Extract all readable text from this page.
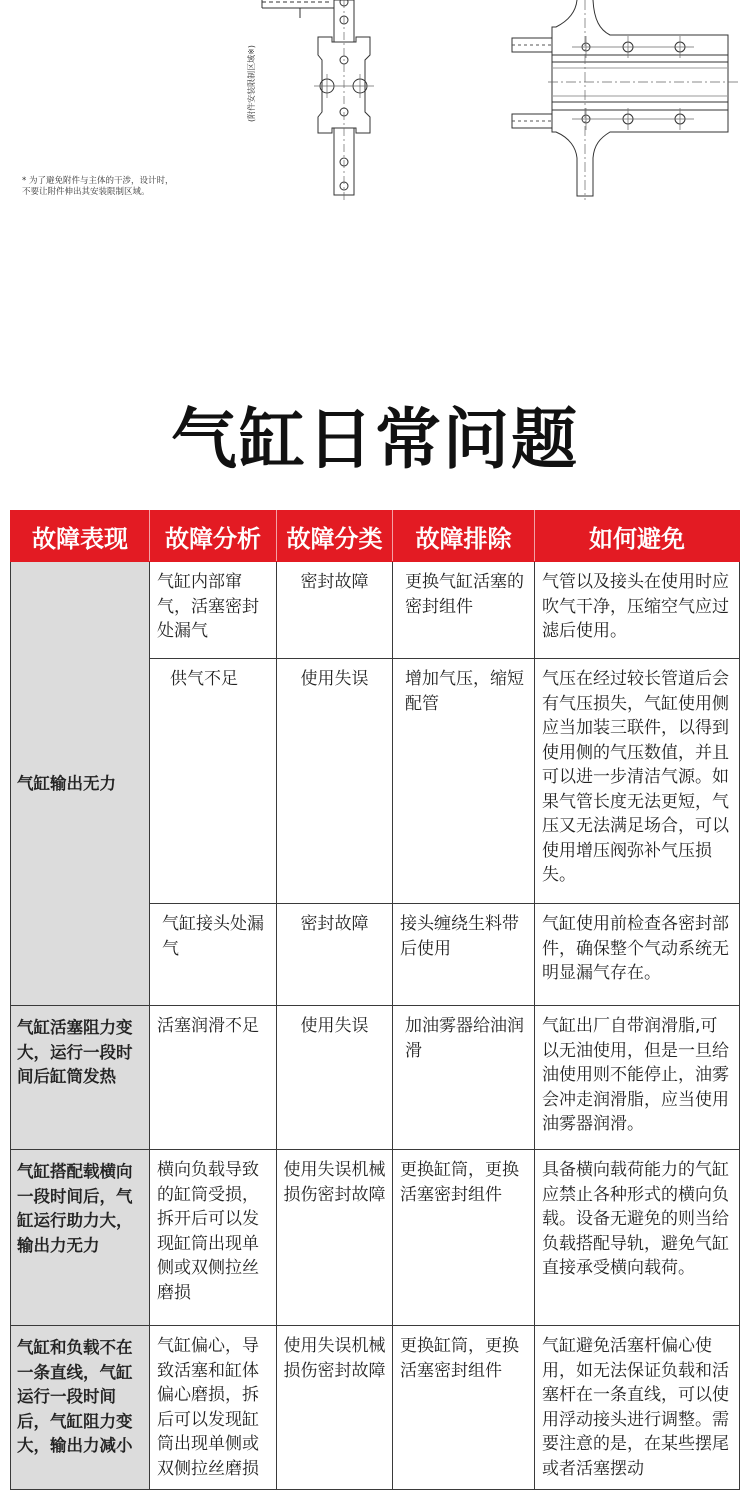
(附件安装限制区域※)
* 为了避免附件与主体的干涉，设计时，
不要让附件伸出其安装限制区域。
气缸日常问题
故障表现	故障分析	故障分类	故障排除	如何避免
气缸输出无力	气缸内部窜气，活塞密封处漏气	密封故障	更换气缸活塞的密封组件	气管以及接头在使用时应吹气干净，压缩空气应过滤后使用。
	供气不足	使用失误	增加气压，缩短配管	气压在经过较长管道后会有气压损失，气缸使用侧应当加装三联件，以得到使用侧的气压数值，并且可以进一步清洁气源。如果气管长度无法更短，气压又无法满足场合，可以使用增压阀弥补气压损失。
	气缸接头处漏气	密封故障	接头缠绕生料带后使用	气缸使用前检查各密封部件，确保整个气动系统无明显漏气存在。
气缸活塞阻力变大，运行一段时间后缸筒发热	活塞润滑不足	使用失误	加油雾器给油润滑	气缸出厂自带润滑脂,可以无油使用，但是一旦给油使用则不能停止，油雾会冲走润滑脂，应当使用油雾器润滑。
气缸搭配载横向一段时间后，气缸运行助力大，输出力无力	横向负载导致的缸筒受损，拆开后可以发现缸筒出现单侧或双侧拉丝磨损	使用失误机械损伤密封故障	更换缸筒，更换活塞密封组件	具备横向载荷能力的气缸应禁止各种形式的横向负载。设备无避免的则当给负载搭配导轨，避免气缸直接承受横向载荷。
气缸和负载不在一条直线，气缸运行一段时间后，气缸阻力变大，输出力减小	气缸偏心，导致活塞和缸体偏心磨损，拆后可以发现缸筒出现单侧或双侧拉丝磨损	使用失误机械损伤密封故障	更换缸筒，更换活塞密封组件	气缸避免活塞杆偏心使用，如无法保证负载和活塞杆在一条直线，可以使用浮动接头进行调整。需要注意的是，在某些摆尾或者活塞摆动
